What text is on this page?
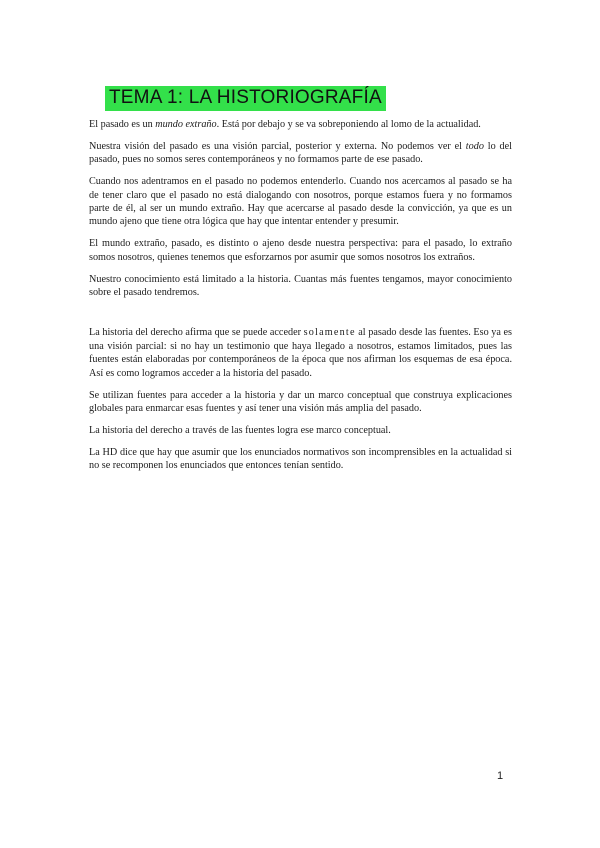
TEMA 1: LA HISTORIOGRAFÍA

El pasado es un mundo extraño. Está por debajo y se va sobreponiendo al lomo de la actualidad.

Nuestra visión del pasado es una visión parcial, posterior y externa. No podemos ver el todo lo del pasado, pues no somos seres contemporáneos y no formamos parte de ese pasado.

Cuando nos adentramos en el pasado no podemos entenderlo. Cuando nos acercamos al pasado se ha de tener claro que el pasado no está dialogando con nosotros, porque estamos fuera y no formamos parte de él, al ser un mundo extraño. Hay que acercarse al pasado desde la convicción, ya que es un mundo ajeno que tiene otra lógica que hay que intentar entender y presumir.

El mundo extraño, pasado, es distinto o ajeno desde nuestra perspectiva: para el pasado, lo extraño somos nosotros, quienes tenemos que esforzarnos por asumir que somos nosotros los extraños.

Nuestro conocimiento está limitado a la historia. Cuantas más fuentes tengamos, mayor conocimiento sobre el pasado tendremos.

La historia del derecho afirma que se puede acceder solamente al pasado desde las fuentes. Eso ya es una visión parcial: si no hay un testimonio que haya llegado a nosotros, estamos limitados, pues las fuentes están elaboradas por contemporáneos de la época que nos afirman los esquemas de esa época. Así es como logramos acceder a la historia del pasado.

Se utilizan fuentes para acceder a la historia y dar un marco conceptual que construya explicaciones globales para enmarcar esas fuentes y así tener una visión más amplia del pasado.

La historia del derecho a través de las fuentes logra ese marco conceptual.

La HD dice que hay que asumir que los enunciados normativos son incomprensibles en la actualidad si no se recomponen los enunciados que entonces tenían sentido.

1
